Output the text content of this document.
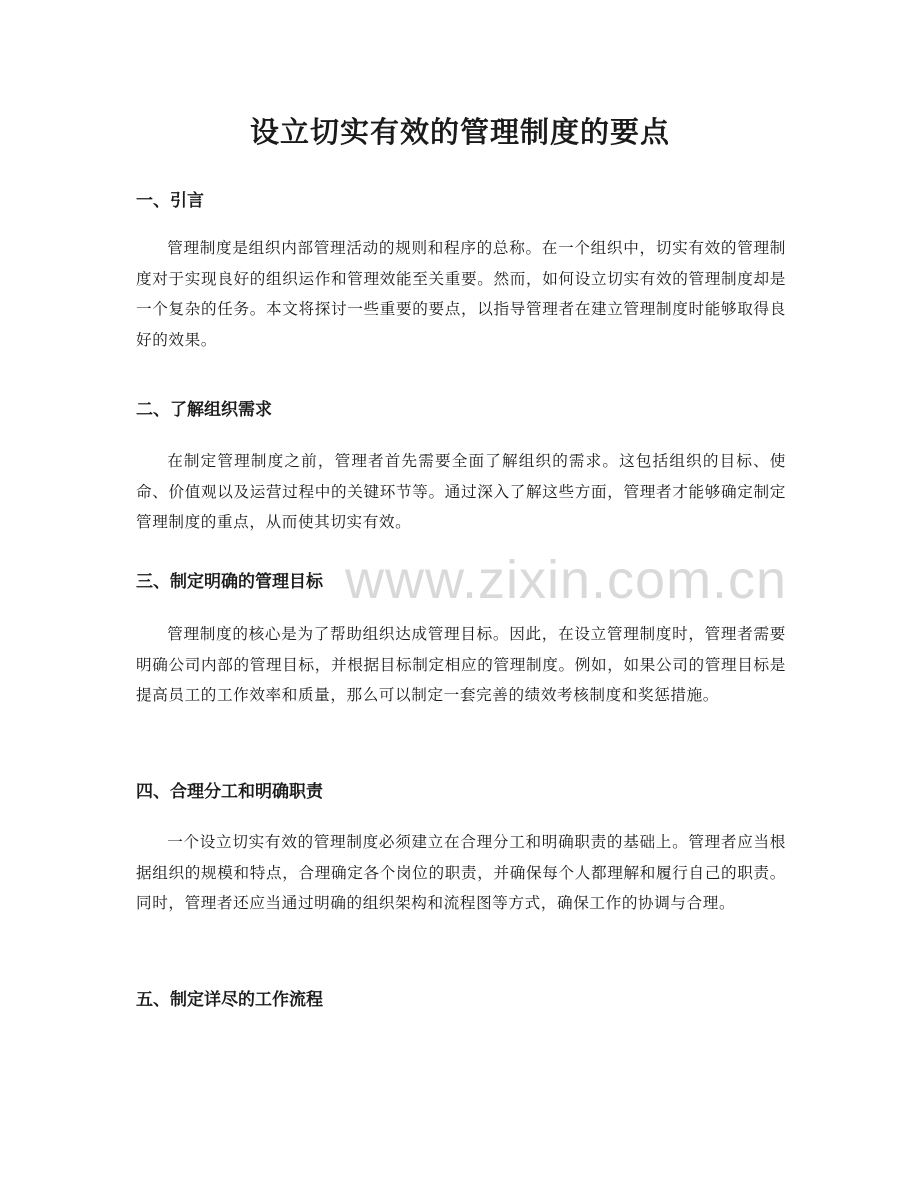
设立切实有效的管理制度的要点
一、引言

管理制度是组织内部管理活动的规则和程序的总称。在一个组织中，切实有效的管理制度对于实现良好的组织运作和管理效能至关重要。然而，如何设立切实有效的管理制度却是一个复杂的任务。本文将探讨一些重要的要点，以指导管理者在建立管理制度时能够取得良好的效果。

二、了解组织需求

在制定管理制度之前，管理者首先需要全面了解组织的需求。这包括组织的目标、使命、价值观以及运营过程中的关键环节等。通过深入了解这些方面，管理者才能够确定制定管理制度的重点，从而使其切实有效。

www.zixin.com.cn
三、制定明确的管理目标

管理制度的核心是为了帮助组织达成管理目标。因此，在设立管理制度时，管理者需要明确公司内部的管理目标，并根据目标制定相应的管理制度。例如，如果公司的管理目标是提高员工的工作效率和质量，那么可以制定一套完善的绩效考核制度和奖惩措施。

四、合理分工和明确职责

一个设立切实有效的管理制度必须建立在合理分工和明确职责的基础上。管理者应当根据组织的规模和特点，合理确定各个岗位的职责，并确保每个人都理解和履行自己的职责。同时，管理者还应当通过明确的组织架构和流程图等方式，确保工作的协调与合理。

五、制定详尽的工作流程
